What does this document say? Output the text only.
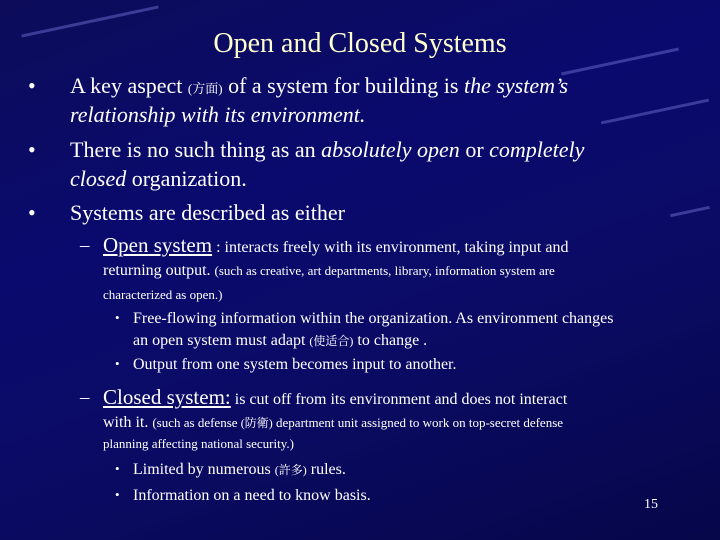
Open and Closed Systems
• A key aspect (方面) of a system for building is the system’s
relationship with its environment.
• There is no such thing as an absolutely open or completely
closed organization.
• Systems are described as either
– Open system : interacts freely with its environment, taking input and
returning output. (such as creative, art departments, library, information system are
characterized as open.)
• Free-flowing information within the organization. As environment changes
an open system must adapt (使适合) to change .
• Output from one system becomes input to another.
– Closed system: is cut off from its environment and does not interact
with it. (such as defense (防衛) department unit assigned to work on top-secret defense
planning affecting national security.)
• Limited by numerous (許多) rules.
• Information on a need to know basis.
15
